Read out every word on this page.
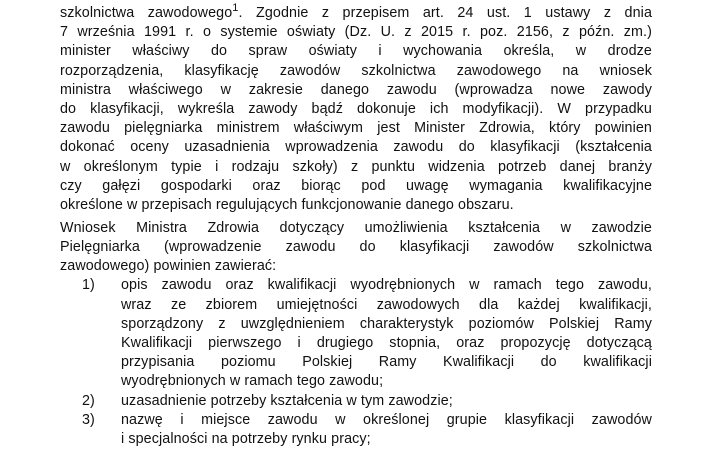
szkolnictwa zawodowego$^1$. Zgodnie z przepisem art. 24 ust. 1 ustawy z dnia
7 września 1991 r. o systemie oświaty (Dz. U. z 2015 r. poz. 2156, z późn. zm.)
minister właściwy do spraw oświaty i wychowania określa, w drodze
rozporządzenia, klasyfikację zawodów szkolnictwa zawodowego na wniosek
ministra właściwego w zakresie danego zawodu (wprowadza nowe zawody
do klasyfikacji, wykreśla zawody bądź dokonuje ich modyfikacji). W przypadku
zawodu pielęgniarka ministrem właściwym jest Minister Zdrowia, który powinien
dokonać oceny uzasadnienia wprowadzenia zawodu do klasyfikacji (kształcenia
w określonym typie i rodzaju szkoły) z punktu widzenia potrzeb danej branży
czy gałęzi gospodarki oraz biorąc pod uwagę wymagania kwalifikacyjne
określone w przepisach regulujących funkcjonowanie danego obszaru.
Wniosek Ministra Zdrowia dotyczący umożliwienia kształcenia w zawodzie
Pielęgniarka (wprowadzenie zawodu do klasyfikacji zawodów szkolnictwa
zawodowego) powinien zawierać:
1) opis zawodu oraz kwalifikacji wyodrębnionych w ramach tego zawodu,
wraz ze zbiorem umiejętności zawodowych dla każdej kwalifikacji,
sporządzony z uwzględnieniem charakterystyk poziomów Polskiej Ramy
Kwalifikacji pierwszego i drugiego stopnia, oraz propozycję dotyczącą
przypisania poziomu Polskiej Ramy Kwalifikacji do kwalifikacji
wyodrębnionych w ramach tego zawodu;
2) uzasadnienie potrzeby kształcenia w tym zawodzie;
3) nazwę i miejsce zawodu w określonej grupie klasyfikacji zawodów
i specjalności na potrzeby rynku pracy;
